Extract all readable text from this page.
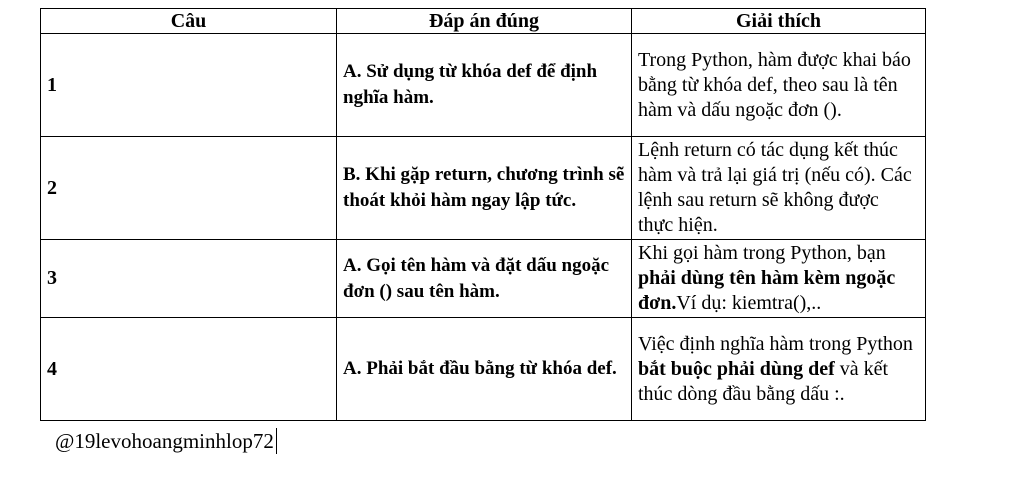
Câu	Đáp án đúng	Giải thích
1	A. Sử dụng từ khóa def để định nghĩa hàm.	Trong Python, hàm được khai báo bằng từ khóa def, theo sau là tên hàm và dấu ngoặc đơn ().
2	B. Khi gặp return, chương trình sẽ thoát khỏi hàm ngay lập tức.	Lệnh return có tác dụng kết thúc hàm và trả lại giá trị (nếu có). Các lệnh sau return sẽ không được thực hiện.
3	A. Gọi tên hàm và đặt dấu ngoặc đơn () sau tên hàm.	Khi gọi hàm trong Python, bạn phải dùng tên hàm kèm ngoặc đơn.Ví dụ: kiemtra(),..
4	A. Phải bắt đầu bằng từ khóa def.	Việc định nghĩa hàm trong Python bắt buộc phải dùng def và kết thúc dòng đầu bằng dấu :.
@19levohoangminhlop72
